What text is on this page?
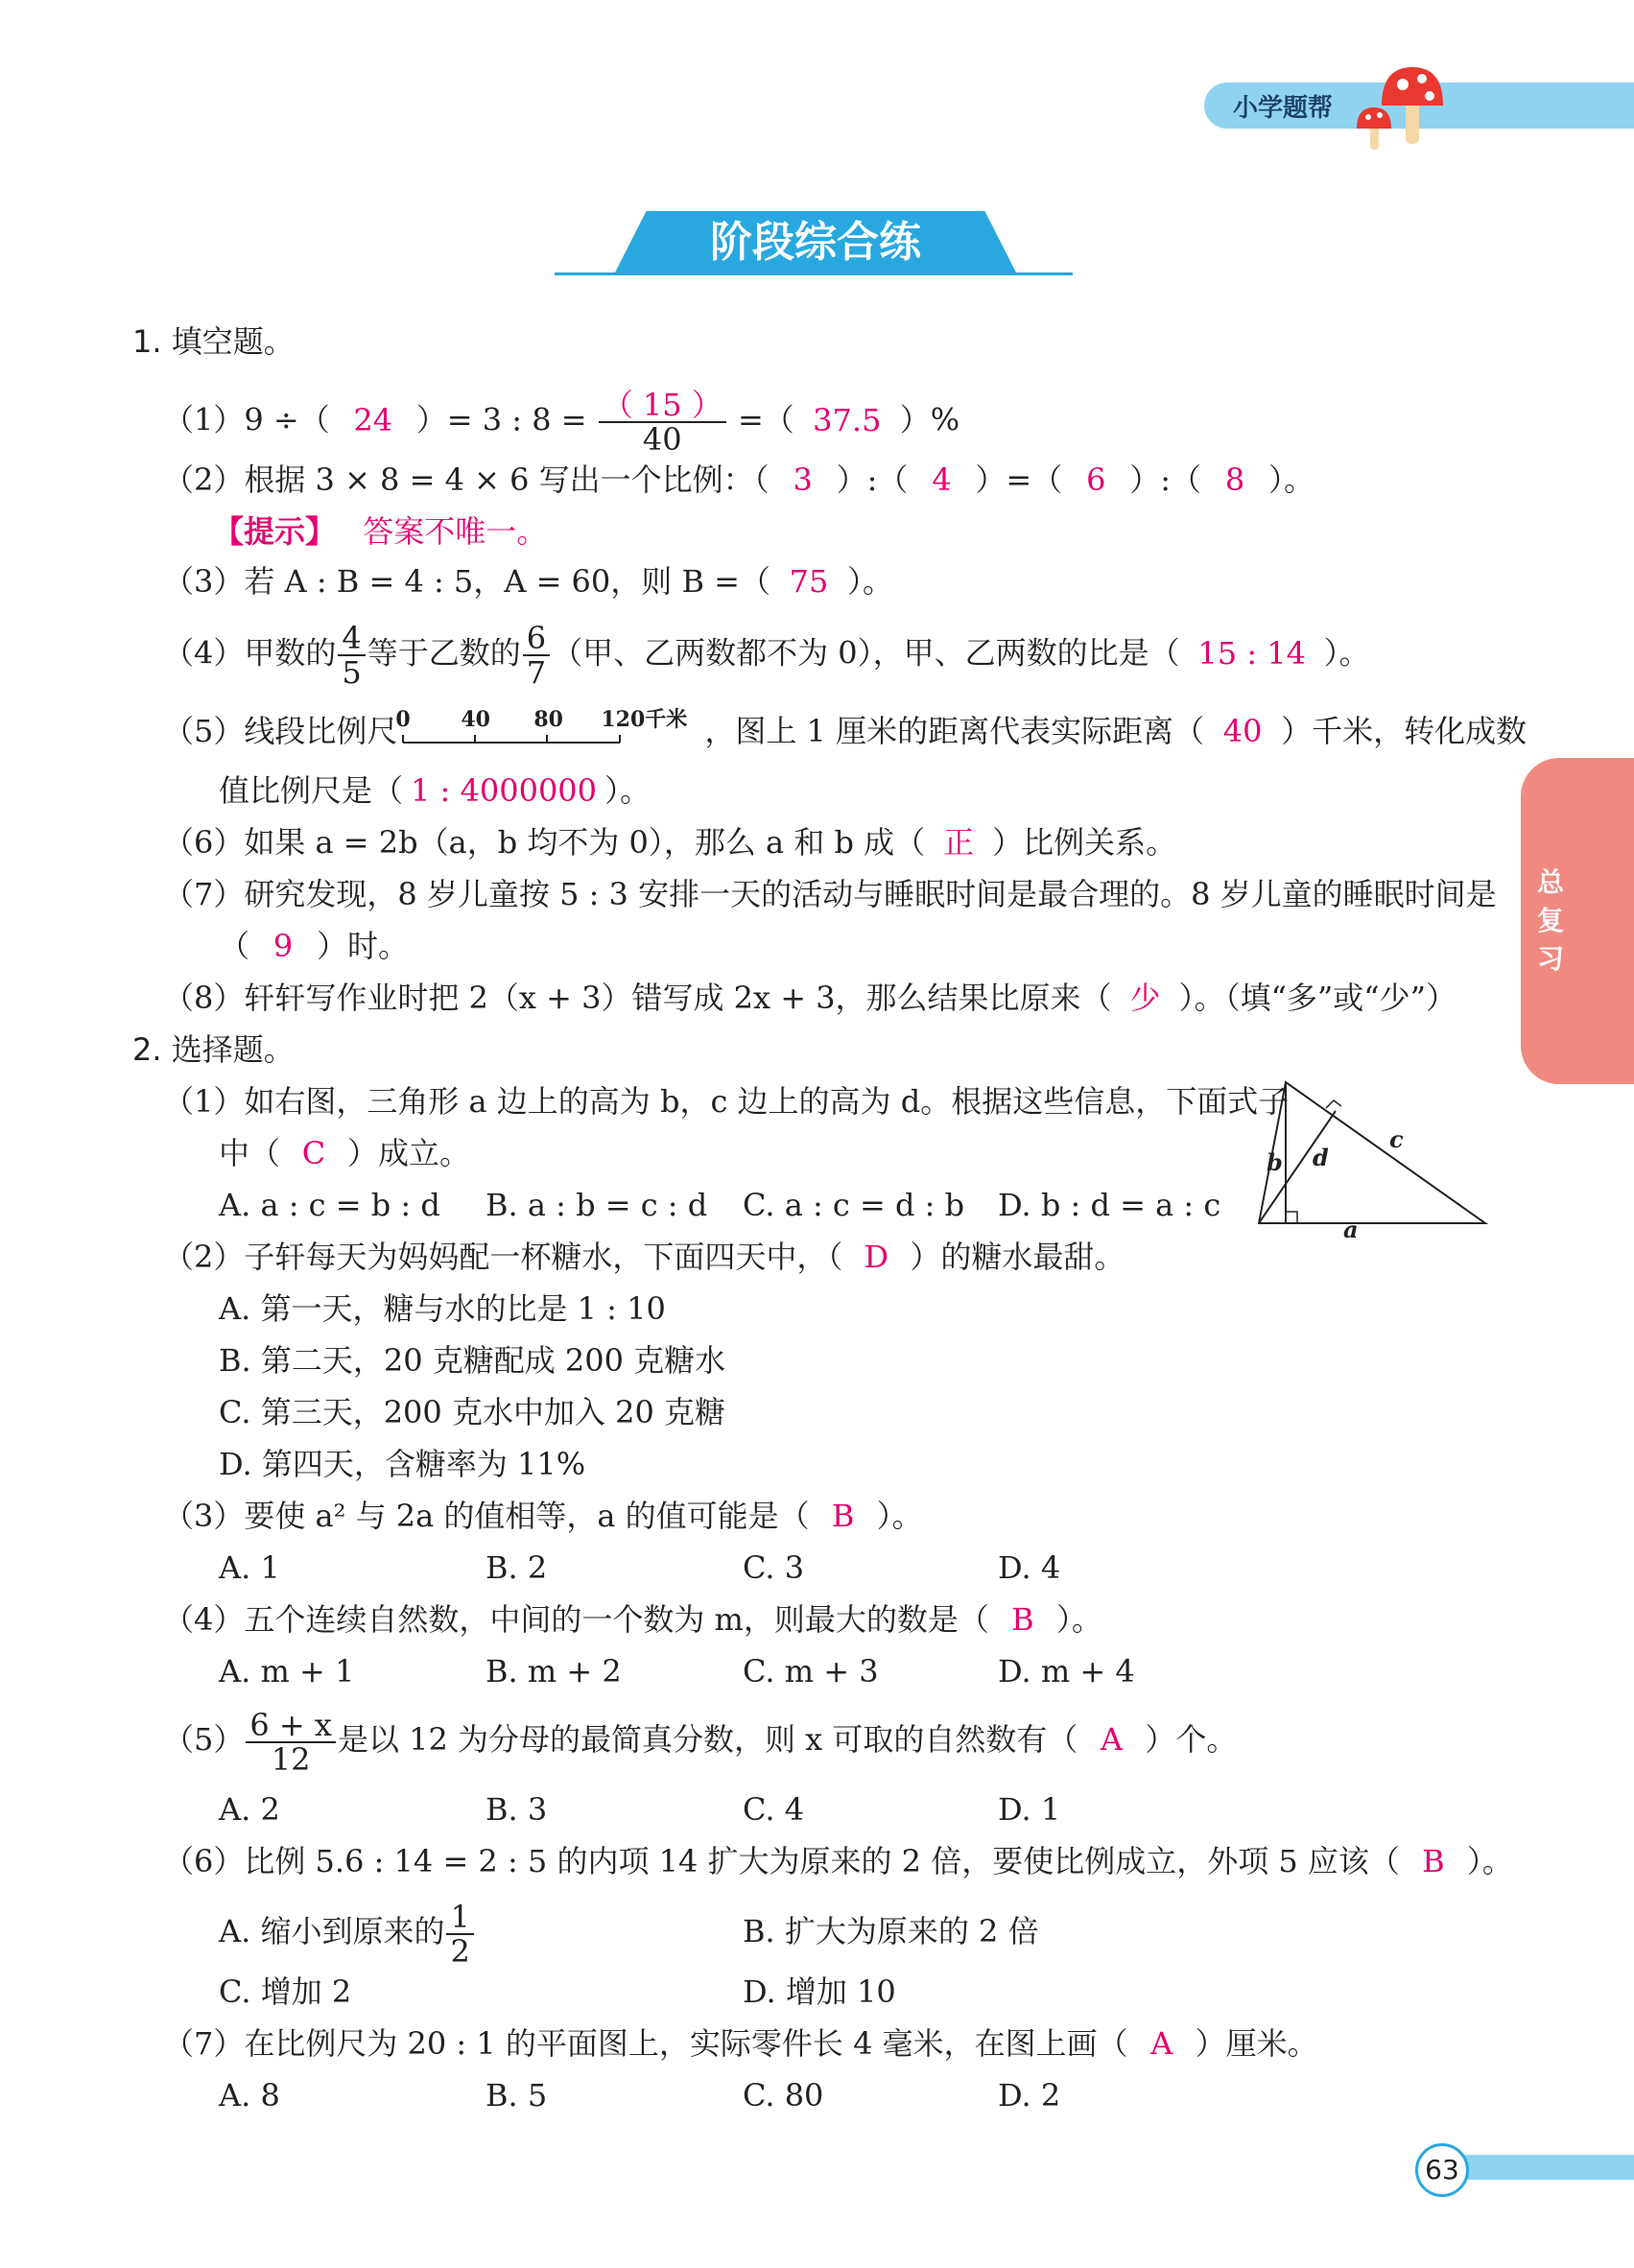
小学题帮
阶段综合练
总复习
1. 填空题。
（1）9 ÷（ 24 ）= 3 : $8 = \frac{( 15 )}{40}$ =（ 37.5 ）%
（2）根据 3 × 8 = 4 × 6 写出一个比例：（ 3 ）:（ 4 ）=（ 6 ）:（ 8 ）。
【提示】 答案不唯一。
（3）若 A : B = 4 : 5，A = 60，则 B =（ 75 ）。
（4）甲数的 $\frac{4}{5}$ 等于乙数的 $\frac{6}{7}$ （甲、乙两数都不为 0），甲、乙两数的比是（ 15 : 14 ）。
（5）线段比例尺
0 40 80 120千米 ，图上 1 厘米的距离代表实际距离（ 40 ）千米，转化成数
值比例尺是（ 1 : 4000000 ）。
（6）如果 a = 2b（a，b 均不为 0），那么 a 和 b 成（ 正 ）比例关系。
（7）研究发现，8 岁儿童按 5 : 3 安排一天的活动与睡眠时间是最合理的。8 岁儿童的睡眠时间是
（ 9 ）时。
（8）轩轩写作业时把 2（x + 3）错写成 2x + 3，那么结果比原来（ 少 ）。（填“多”或“少”）
2. 选择题。
（1）如右图，三角形 a 边上的高为 b，c 边上的高为 d。根据这些信息，下面式子
中（ C ）成立。
A. a : c = b : d B. a : b = c : d C. a : c = d : b D. b : d = a : c
b d
c
a
（2）子轩每天为妈妈配一杯糖水，下面四天中，（ D ）的糖水最甜。
A. 第一天，糖与水的比是 1 : 10
B. 第二天，20 克糖配成 200 克糖水
C. 第三天，200 克水中加入 20 克糖
D. 第四天，含糖率为 11%
（3）要使 a² 与 2a 的值相等，a 的值可能是（ B ）。
A. 1	B. 2	C. 3	D. 4
（4）五个连续自然数，中间的一个数为 m，则最大的数是（ B ）。
A. m + 1	B. m + 2	C. m + 3	D. m + 4
$(5) \frac{6 + x}{12}$ 是以 12 为分母的最简真分数，则 x 可取的自然数有（ A ）个。
A. 2	B. 3	C. 4	D. 1
（6）比例 5.6 : 14 = 2 : 5 的内项 14 扩大为原来的 2 倍，要使比例成立，外项 5 应该（ B ）。
A. 缩小到原来的 $\frac{1}{2}$	B. 扩大为原来的 2 倍
C. 增加 2	D. 增加 10
（7）在比例尺为 20 : 1 的平面图上，实际零件长 4 毫米，在图上画（ A ）厘米。
A. 8	B. 5	C. 80	D. 2
63
